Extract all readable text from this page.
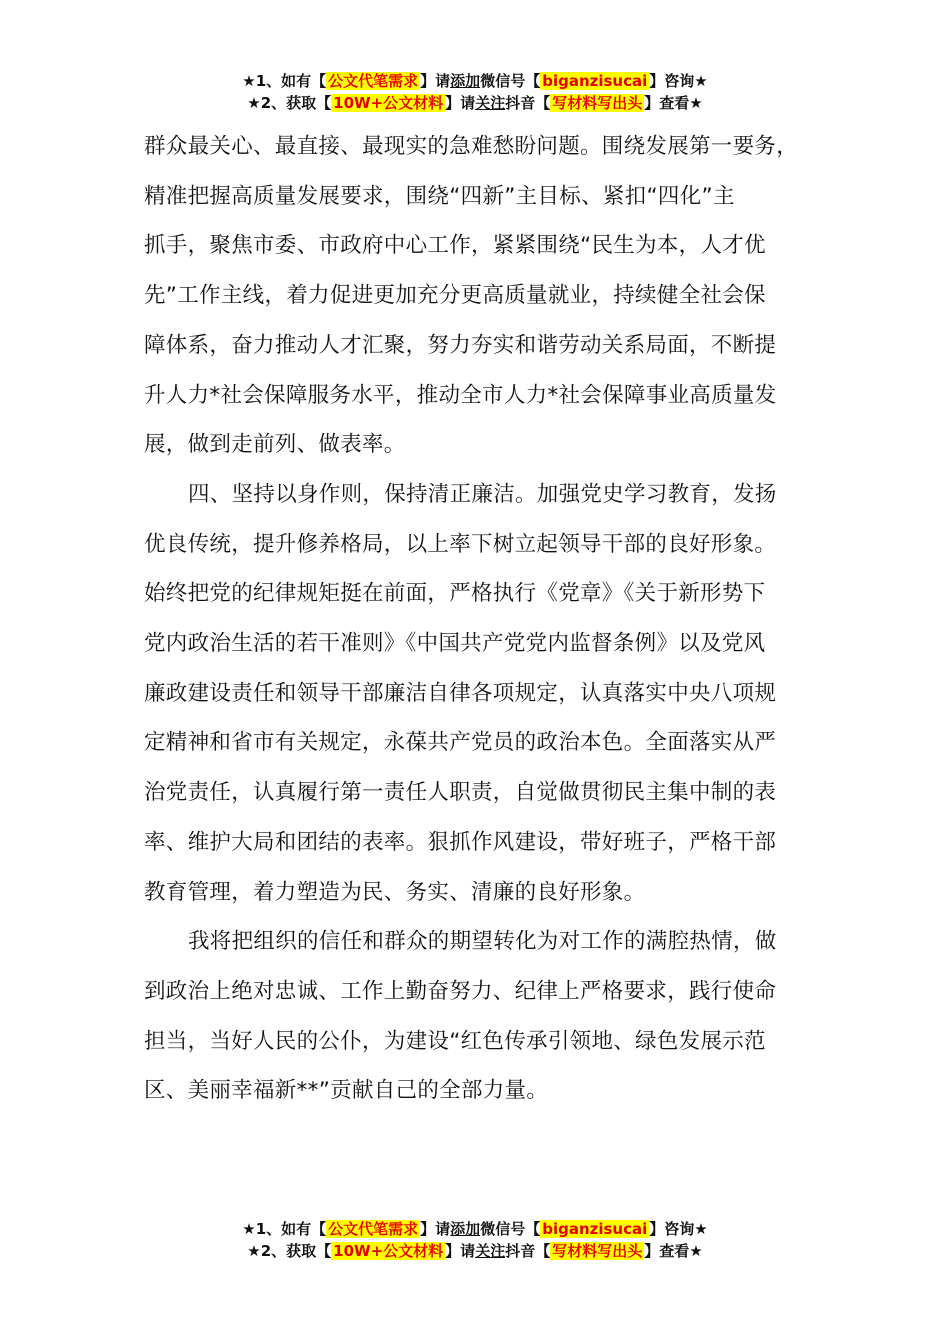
★1、如有【 公文代笔需求 】请添加微信号【 biganzisucai 】咨询★
★2、获取【 10W+公文材料 】请关注抖音【 写材料写出头 】查看★
群众最关心、最直接、最现实的急难愁盼问题。围绕发展第一要务，
精准把握高质量发展要求，围绕“四新”主目标、紧扣“四化”主
抓手，聚焦市委、市政府中心工作，紧紧围绕“民生为本，人才优
先”工作主线，着力促进更加充分更高质量就业，持续健全社会保
障体系，奋力推动人才汇聚，努力夯实和谐劳动关系局面，不断提
升人力*社会保障服务水平，推动全市人力*社会保障事业高质量发
展，做到走前列、做表率。
四、坚持以身作则，保持清正廉洁。加强党史学习教育，发扬
优良传统，提升修养格局，以上率下树立起领导干部的良好形象。
始终把党的纪律规矩挺在前面，严格执行《党章》《关于新形势下
党内政治生活的若干准则》《中国共产党党内监督条例》以及党风
廉政建设责任和领导干部廉洁自律各项规定，认真落实中央八项规
定精神和省市有关规定，永葆共产党员的政治本色。全面落实从严
治党责任，认真履行第一责任人职责，自觉做贯彻民主集中制的表
率、维护大局和团结的表率。狠抓作风建设，带好班子，严格干部
教育管理，着力塑造为民、务实、清廉的良好形象。
我将把组织的信任和群众的期望转化为对工作的满腔热情，做
到政治上绝对忠诚、工作上勤奋努力、纪律上严格要求，践行使命
担当，当好人民的公仆，为建设“红色传承引领地、绿色发展示范
区、美丽幸福新**”贡献自己的全部力量。
★1、如有【 公文代笔需求 】请添加微信号【 biganzisucai 】咨询★
★2、获取【 10W+公文材料 】请关注抖音【 写材料写出头 】查看★
